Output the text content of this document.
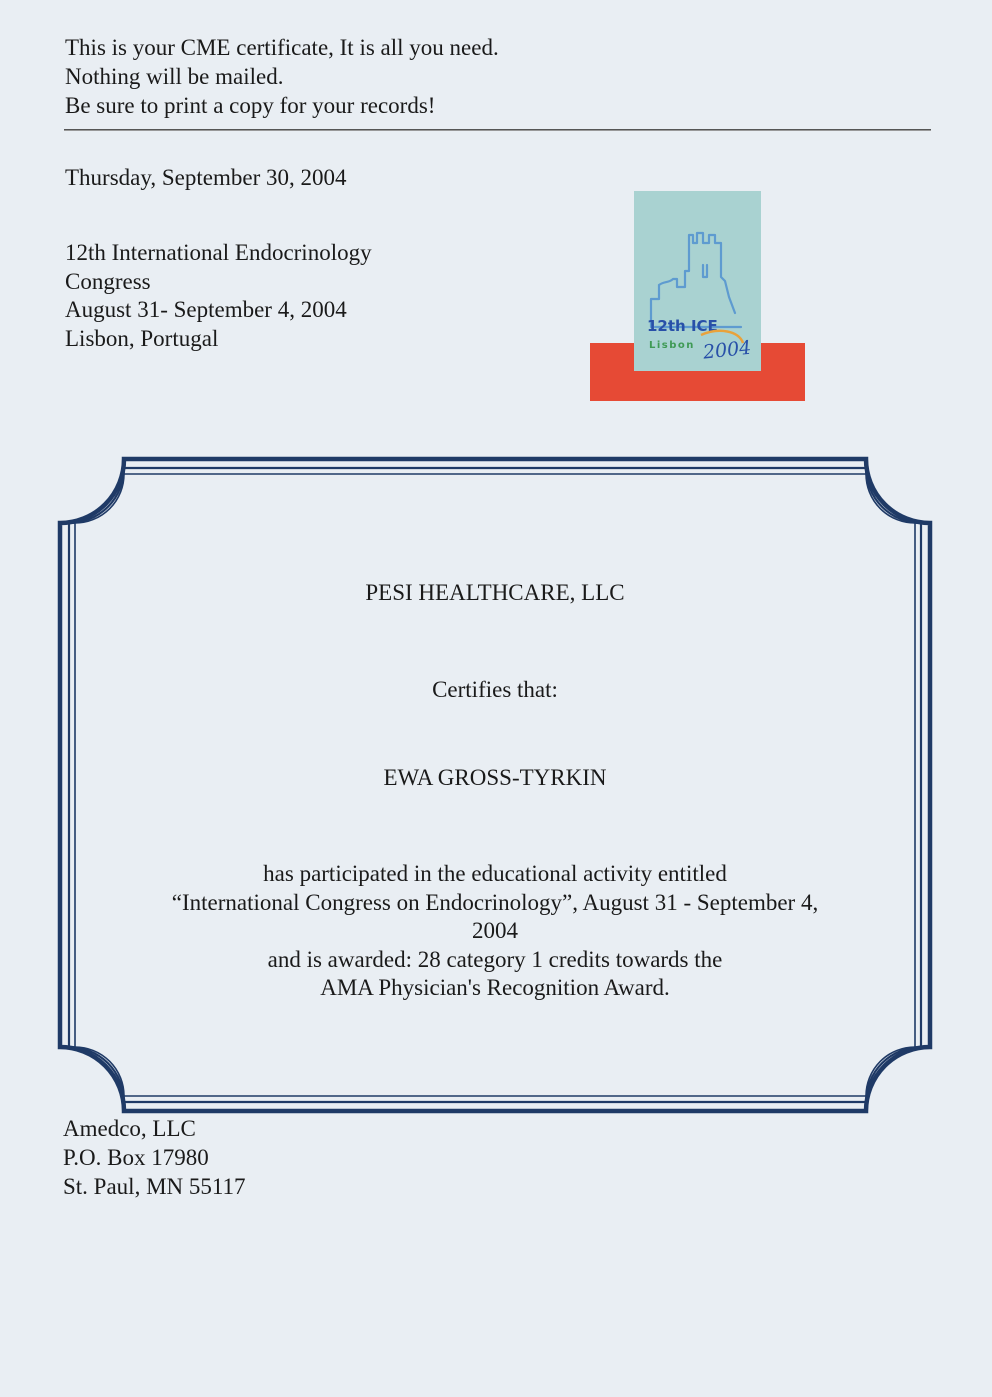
This is your CME certificate, It is all you need.
Nothing will be mailed.
Be sure to print a copy for your records!
Thursday, September 30, 2004
12th International Endocrinology
Congress
August 31- September 4, 2004
Lisbon, Portugal	12th ICE
Lisbon 2004
PESI HEALTHCARE, LLC
Certifies that:
EWA GROSS-TYRKIN
has participated in the educational activity entitled
“International Congress on Endocrinology”, August 31 - September 4,
2004
and is awarded: 28 category 1 credits towards the
AMA Physician's Recognition Award.
Amedco, LLC
P.O. Box 17980
St. Paul, MN 55117
